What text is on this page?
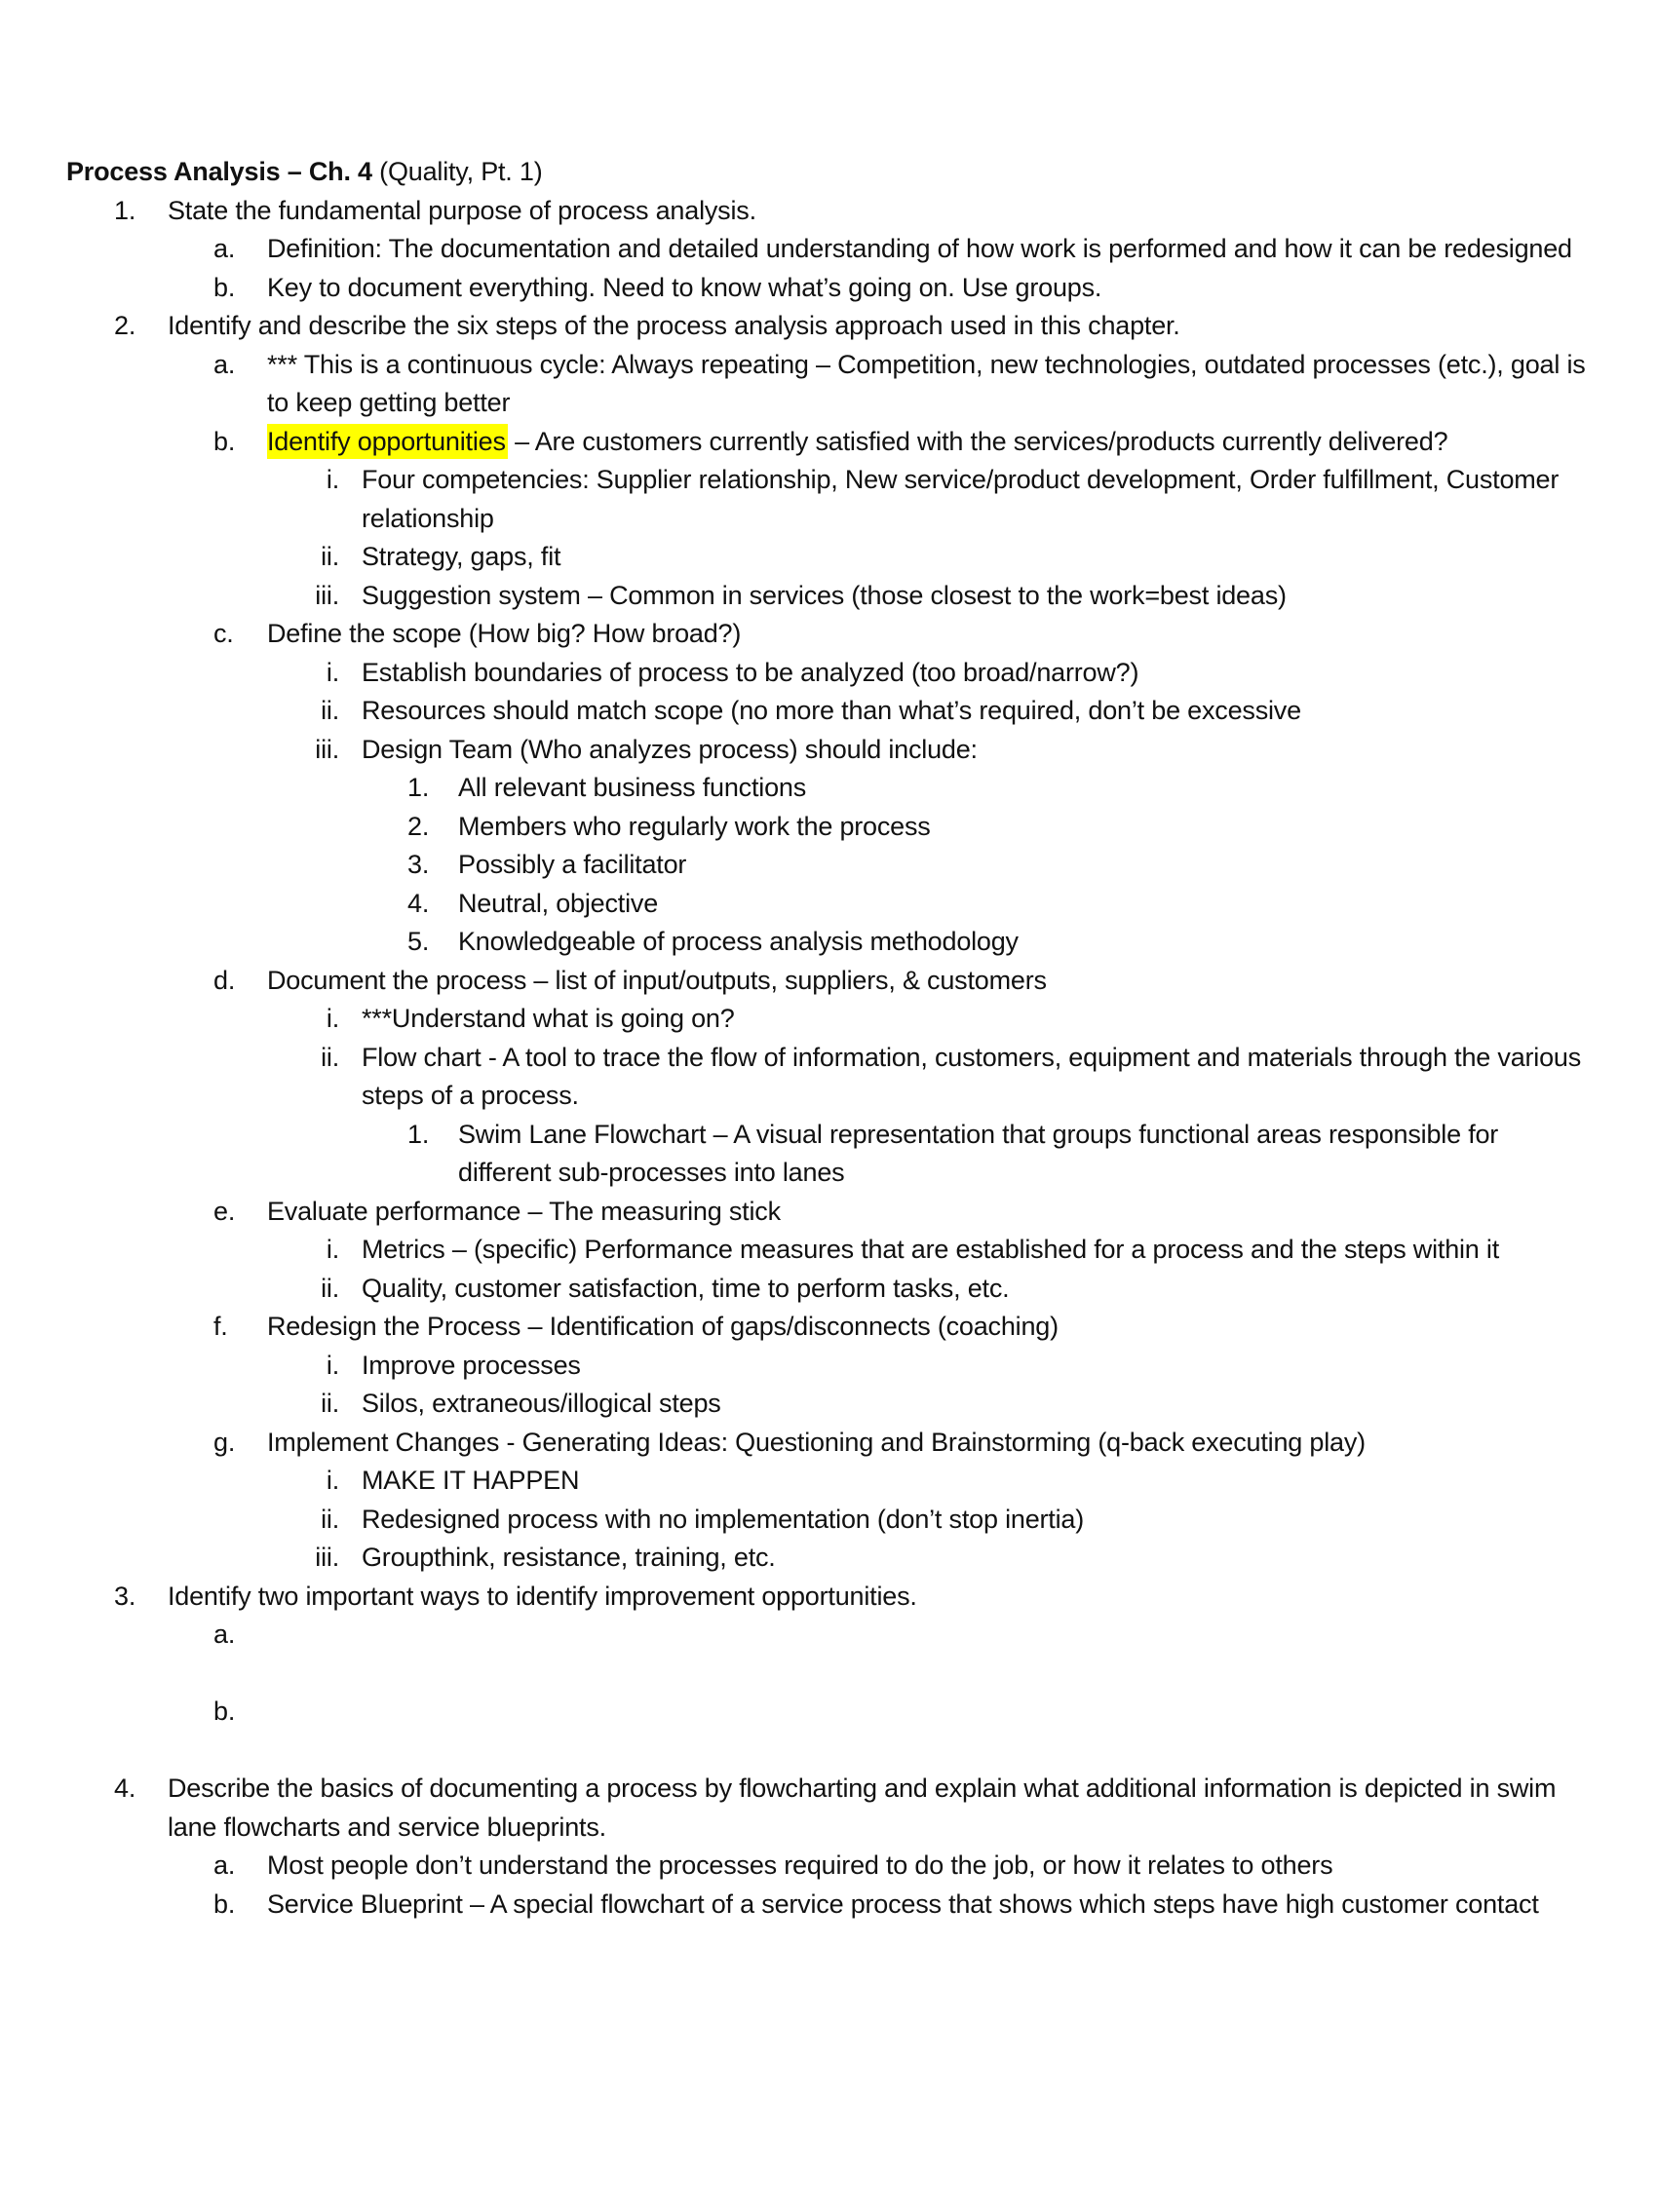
Process Analysis – Ch. 4 (Quality, Pt. 1)

1. State the fundamental purpose of process analysis.
a. Definition: The documentation and detailed understanding of how work is performed and how it can be redesigned
b. Key to document everything. Need to know what’s going on. Use groups.
2. Identify and describe the six steps of the process analysis approach used in this chapter.
a. *** This is a continuous cycle: Always repeating – Competition, new technologies, outdated processes (etc.), goal is to keep getting better
b. Identify opportunities – Are customers currently satisfied with the services/products currently delivered?
i. Four competencies: Supplier relationship, New service/product development, Order fulfillment, Customer relationship
ii. Strategy, gaps, fit
iii. Suggestion system – Common in services (those closest to the work=best ideas)
c. Define the scope (How big? How broad?)
i. Establish boundaries of process to be analyzed (too broad/narrow?)
ii. Resources should match scope (no more than what’s required, don’t be excessive
iii. Design Team (Who analyzes process) should include:
1. All relevant business functions
2. Members who regularly work the process
3. Possibly a facilitator
4. Neutral, objective
5. Knowledgeable of process analysis methodology
d. Document the process – list of input/outputs, suppliers, & customers
i. ***Understand what is going on?
ii. Flow chart - A tool to trace the flow of information, customers, equipment and materials through the various steps of a process.
1. Swim Lane Flowchart – A visual representation that groups functional areas responsible for different sub-processes into lanes
e. Evaluate performance – The measuring stick
i. Metrics – (specific) Performance measures that are established for a process and the steps within it
ii. Quality, customer satisfaction, time to perform tasks, etc.
f. Redesign the Process – Identification of gaps/disconnects (coaching)
i. Improve processes
ii. Silos, extraneous/illogical steps
g. Implement Changes - Generating Ideas: Questioning and Brainstorming (q-back executing play)
i. MAKE IT HAPPEN
ii. Redesigned process with no implementation (don’t stop inertia)
iii. Groupthink, resistance, training, etc.
3. Identify two important ways to identify improvement opportunities.
a.
b.
4. Describe the basics of documenting a process by flowcharting and explain what additional information is depicted in swim lane flowcharts and service blueprints.
a. Most people don’t understand the processes required to do the job, or how it relates to others
b. Service Blueprint – A special flowchart of a service process that shows which steps have high customer contact
